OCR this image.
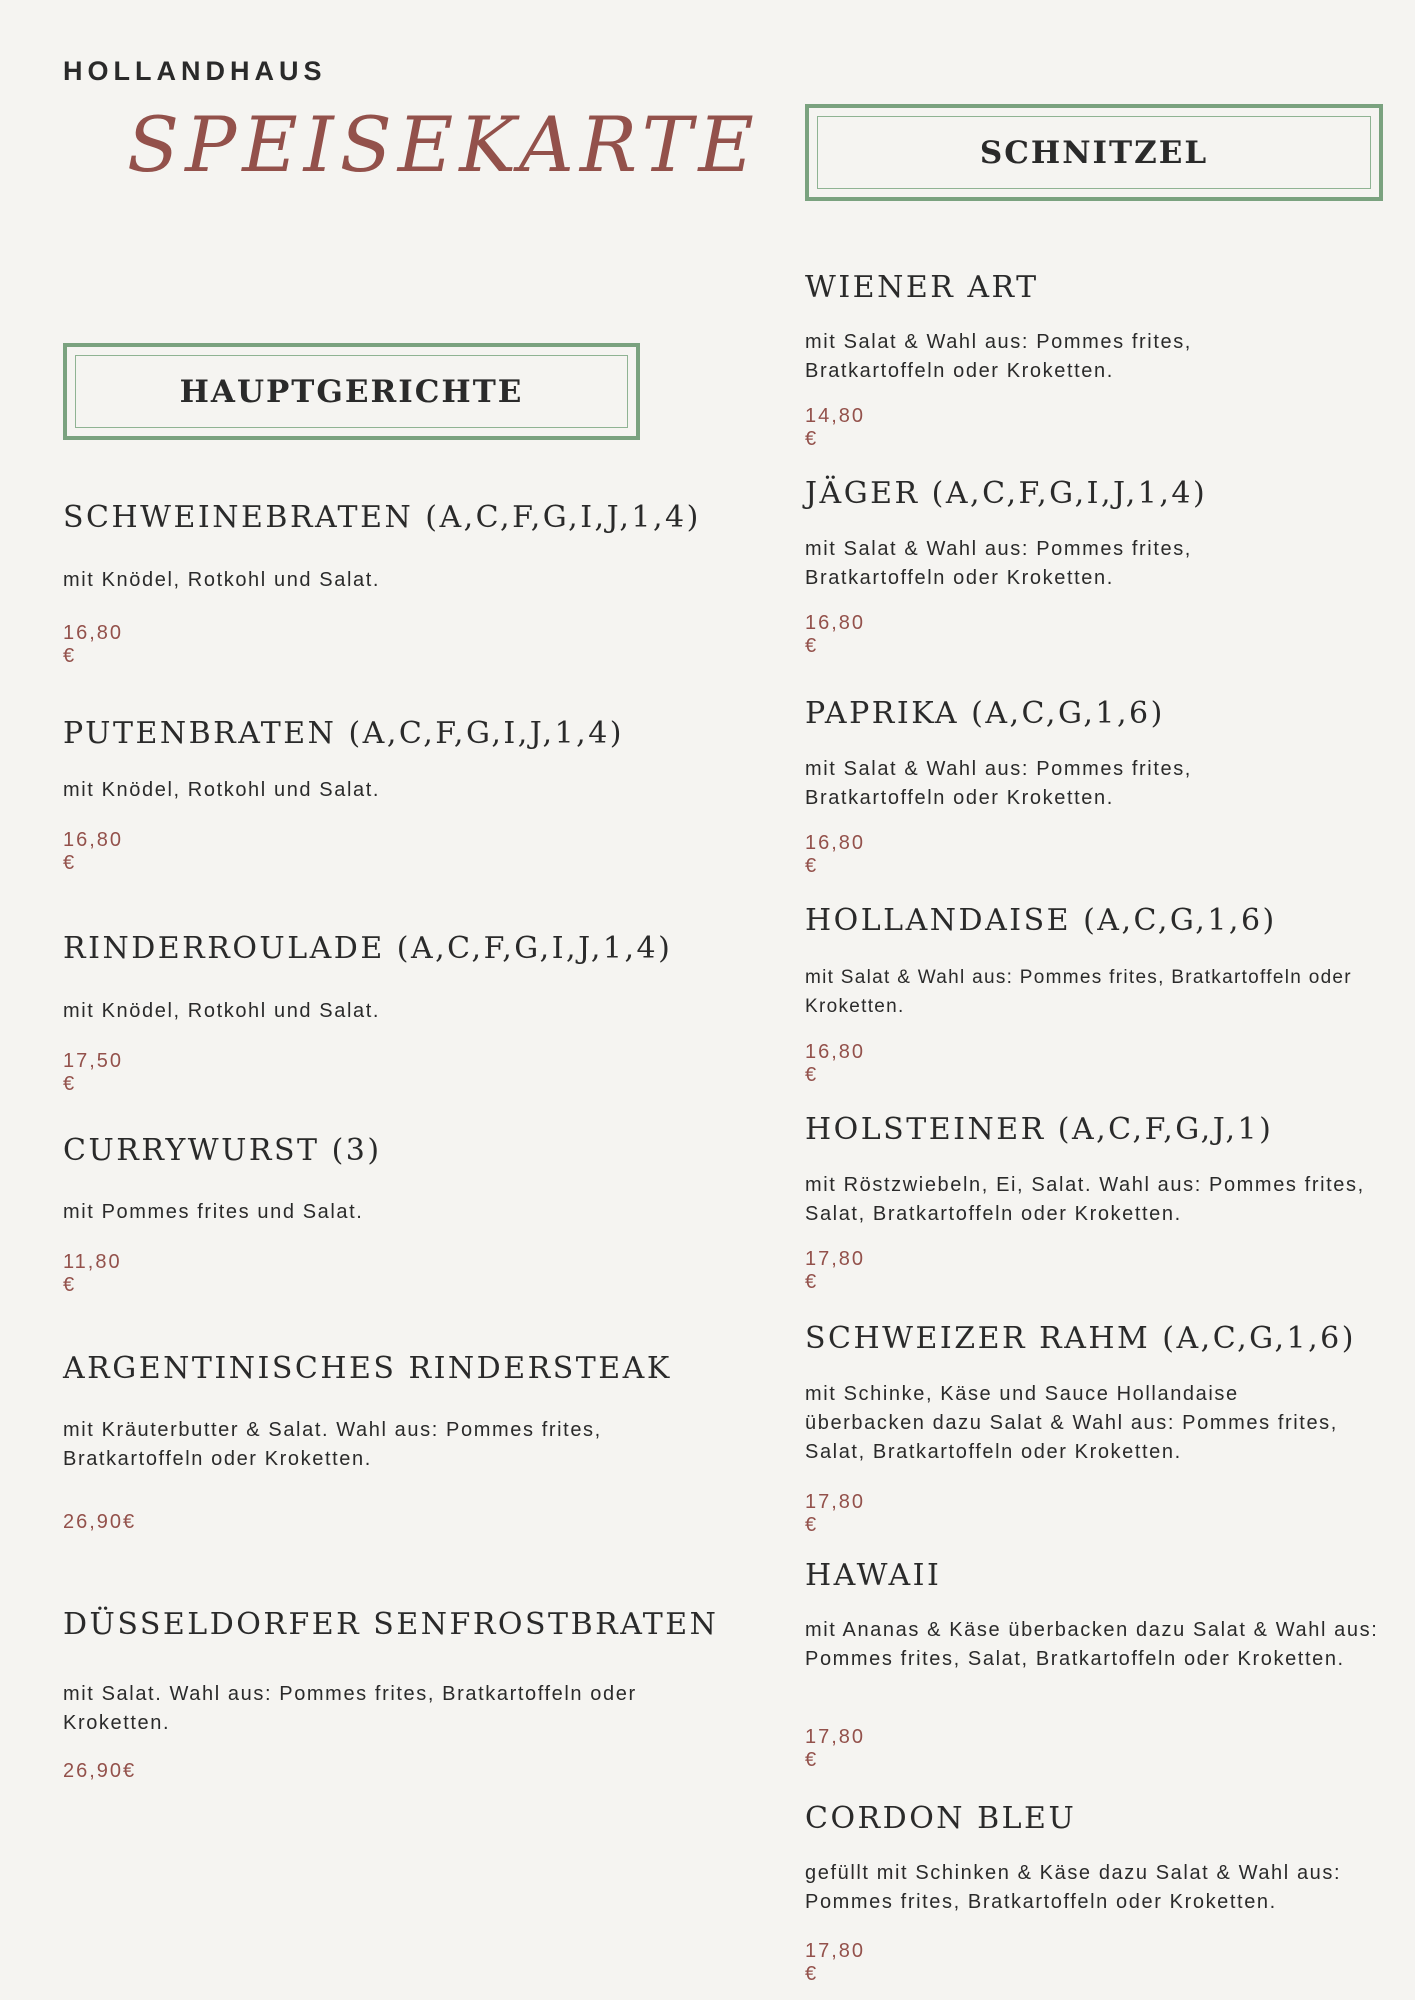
HOLLANDHAUS
SPEISEKARTE
HAUPTGERICHTE
SCHNITZEL
SCHWEINEBRATEN (A,C,F,G,I,J,1,4)
mit Knödel, Rotkohl und Salat.
16,80 €
PUTENBRATEN (A,C,F,G,I,J,1,4)
mit Knödel, Rotkohl und Salat.
16,80 €
RINDERROULADE (A,C,F,G,I,J,1,4)
mit Knödel, Rotkohl und Salat.
17,50 €
CURRYWURST (3)
mit Pommes frites und Salat.
11,80 €
ARGENTINISCHES RINDERSTEAK
mit Kräuterbutter & Salat. Wahl aus: Pommes frites, Bratkartoffeln oder Kroketten.
26,90€
DÜSSELDORFER SENFROSTBRATEN
mit Salat. Wahl aus: Pommes frites, Bratkartoffeln oder Kroketten.
26,90€
WIENER ART
mit Salat & Wahl aus: Pommes frites, Bratkartoffeln oder Kroketten.
14,80 €
JÄGER (A,C,F,G,I,J,1,4)
mit Salat & Wahl aus: Pommes frites, Bratkartoffeln oder Kroketten.
16,80 €
PAPRIKA (A,C,G,1,6)
mit Salat & Wahl aus: Pommes frites, Bratkartoffeln oder Kroketten.
16,80 €
HOLLANDAISE (A,C,G,1,6)
mit Salat & Wahl aus: Pommes frites, Bratkartoffeln oder Kroketten.
16,80 €
HOLSTEINER (A,C,F,G,J,1)
mit Röstzwiebeln, Ei, Salat. Wahl aus: Pommes frites, Salat, Bratkartoffeln oder Kroketten.
17,80 €
SCHWEIZER RAHM (A,C,G,1,6)
mit Schinke, Käse und Sauce Hollandaise überbacken dazu Salat & Wahl aus: Pommes frites, Salat, Bratkartoffeln oder Kroketten.
17,80 €
HAWAII
mit Ananas & Käse überbacken dazu Salat & Wahl aus: Pommes frites, Salat, Bratkartoffeln oder Kroketten.
17,80 €
CORDON BLEU
gefüllt mit Schinken & Käse dazu Salat & Wahl aus: Pommes frites, Bratkartoffeln oder Kroketten.
17,80 €
